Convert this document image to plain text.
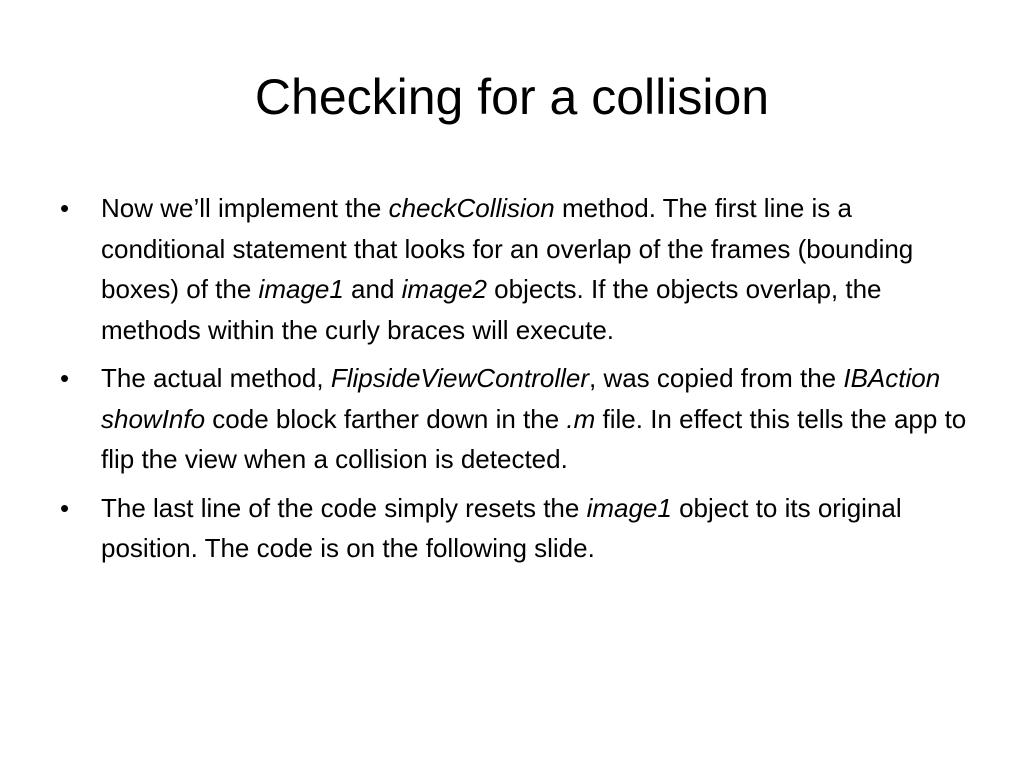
Checking for a collision
•	Now we’ll implement the checkCollision method. The first line is a conditional statement that looks for an overlap of the frames (bounding boxes) of the image1 and image2 objects. If the objects overlap, the methods within the curly braces will execute.
•	The actual method, FlipsideViewController, was copied from the IBAction showInfo code block farther down in the .m file. In effect this tells the app to flip the view when a collision is detected.
•	The last line of the code simply resets the image1 object to its original position. The code is on the following slide.
